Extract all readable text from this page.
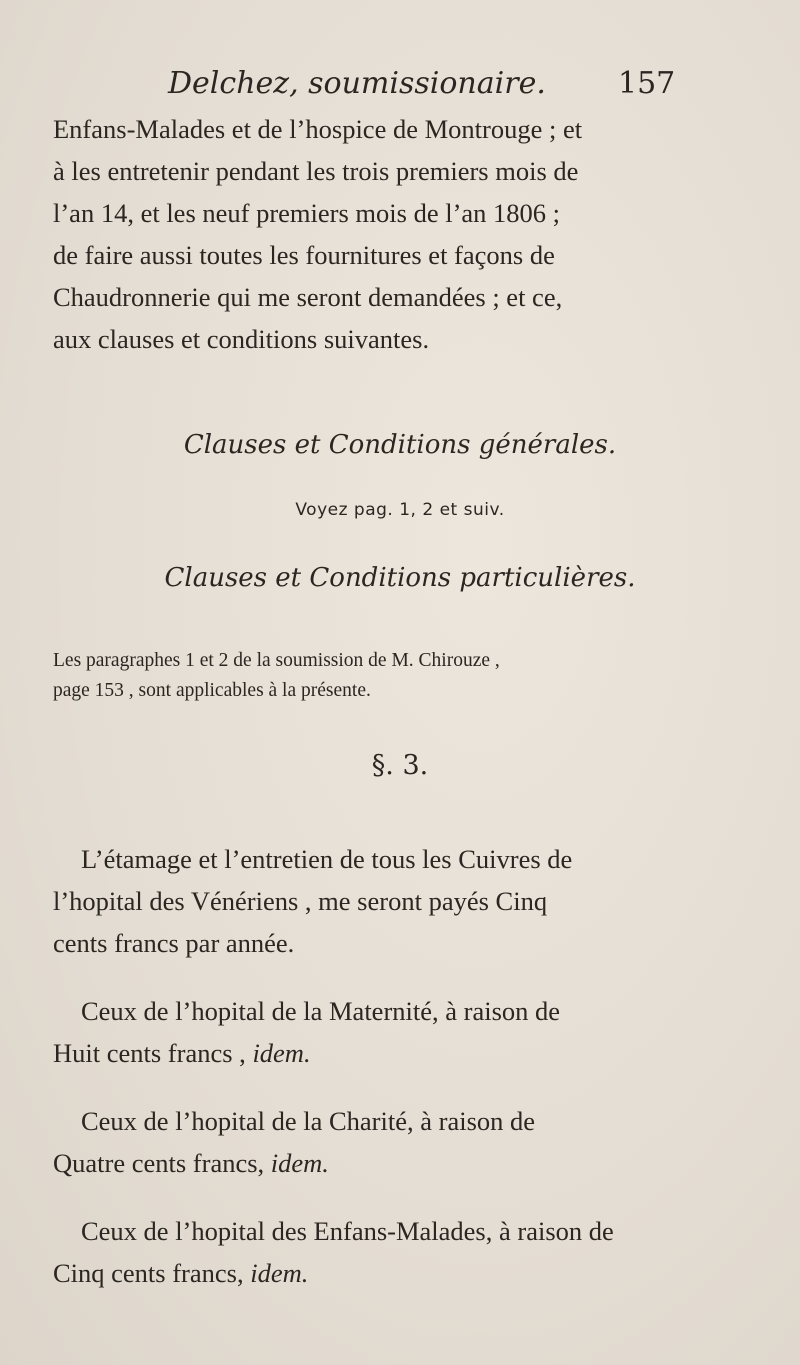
Delchez, soumissionaire. 157
Enfans-Malades et de l’hospice de Montrouge ; et
à les entretenir pendant les trois premiers mois de
l’an 14, et les neuf premiers mois de l’an 1806 ;
de faire aussi toutes les fournitures et façons de
Chaudronnerie qui me seront demandées ; et ce,
aux clauses et conditions suivantes.
Clauses et Conditions générales.
Voyez pag. 1, 2 et suiv.
Clauses et Conditions particulières.
Les paragraphes 1 et 2 de la soumission de M. Chirouze ,
page 153 , sont applicables à la présente.
§. 3.
L’étamage et l’entretien de tous les Cuivres de
l’hopital des Vénériens , me seront payés Cinq
cents francs par année.
Ceux de l’hopital de la Maternité, à raison de
Huit cents francs , idem.
Ceux de l’hopital de la Charité, à raison de
Quatre cents francs, idem.
Ceux de l’hopital des Enfans-Malades, à raison de
Cinq cents francs, idem.
